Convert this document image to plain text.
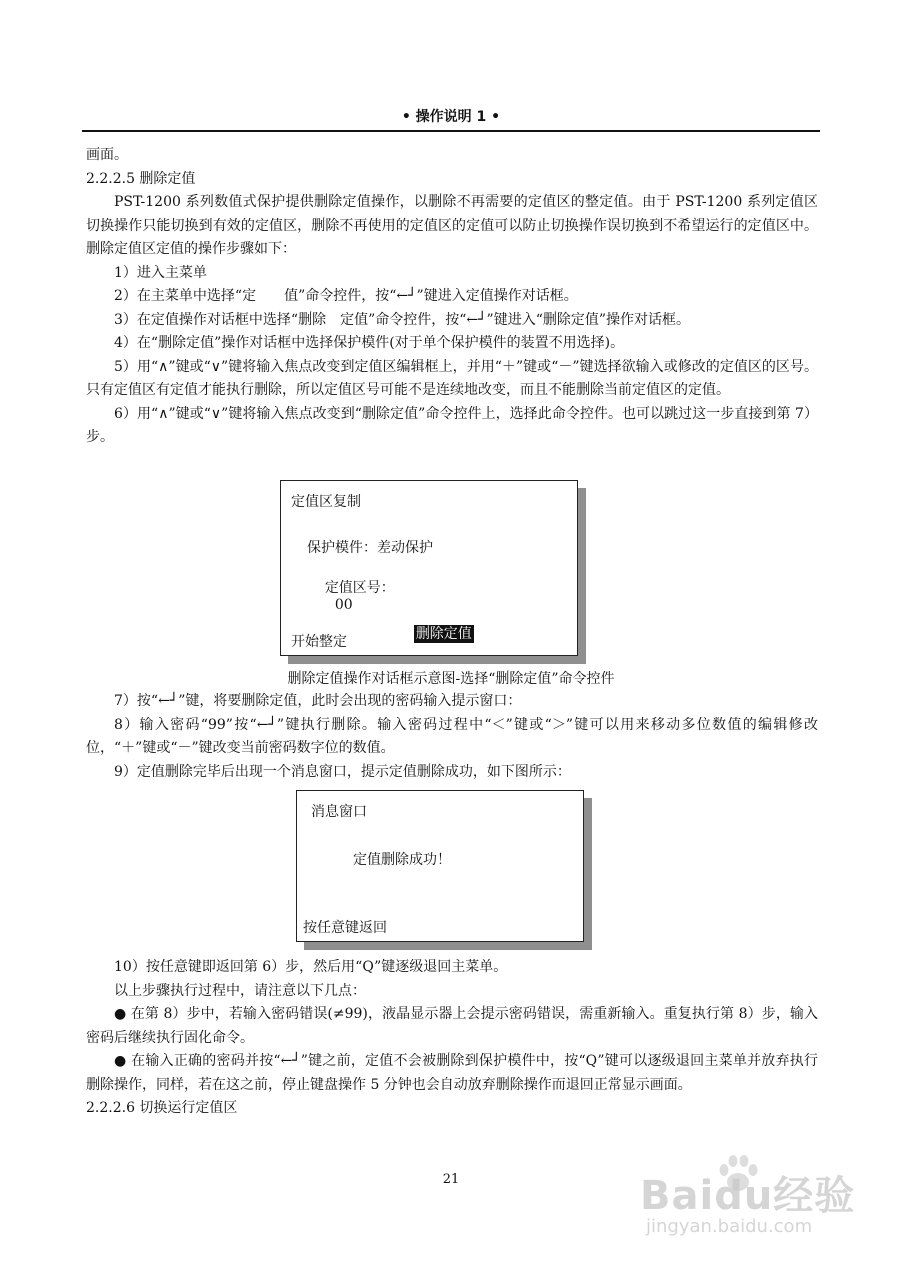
• 操作说明 1 •

画面。

2.2.2.5 删除定值

PST-1200 系列数值式保护提供删除定值操作，以删除不再需要的定值区的整定值。由于 PST-1200 系列定值区切换操作只能切换到有效的定值区，删除不再使用的定值区的定值可以防止切换操作误切换到不希望运行的定值区中。删除定值区定值的操作步骤如下：

1）进入主菜单

2）在主菜单中选择“定　　值”命令控件，按“←┘”键进入定值操作对话框。

3）在定值操作对话框中选择“删除　定值”命令控件，按“←┘”键进入“删除定值”操作对话框。

4）在“删除定值”操作对话框中选择保护模件(对于单个保护模件的装置不用选择)。

5）用“∧”键或“∨”键将输入焦点改变到定值区编辑框上，并用“＋”键或“－”键选择欲输入或修改的定值区的区号。只有定值区有定值才能执行删除，所以定值区号可能不是连续地改变，而且不能删除当前定值区的定值。

6）用“∧”键或“∨”键将输入焦点改变到“删除定值”命令控件上，选择此命令控件。也可以跳过这一步直接到第 7）步。

定值区复制
保护模件：差动保护

定值区号：
00

删除定值

开始整定
删除定值操作对话框示意图-选择“删除定值”命令控件

7）按“←┘”键，将要删除定值，此时会出现的密码输入提示窗口：

8）输入密码“99”按“←┘”键执行删除。输入密码过程中“＜”键或“＞”键可以用来移动多位数值的编辑修改位，“＋”键或“－”键改变当前密码数字位的数值。

9）定值删除完毕后出现一个消息窗口，提示定值删除成功，如下图所示：

消息窗口
定值删除成功！
按任意键返回

10）按任意键即返回第 6）步，然后用“Q”键逐级退回主菜单。

以上步骤执行过程中，请注意以下几点：

● 在第 8）步中，若输入密码错误(≠99)，液晶显示器上会提示密码错误，需重新输入。重复执行第 8）步，输入密码后继续执行固化命令。

● 在输入正确的密码并按“←┘”键之前，定值不会被删除到保护模件中，按“Q”键可以逐级退回主菜单并放弃执行删除操作，同样，若在这之前，停止键盘操作 5 分钟也会自动放弃删除操作而退回正常显示画面。

2.2.2.6 切换运行定值区

21	Baidu经验
jingyan.baidu.com
